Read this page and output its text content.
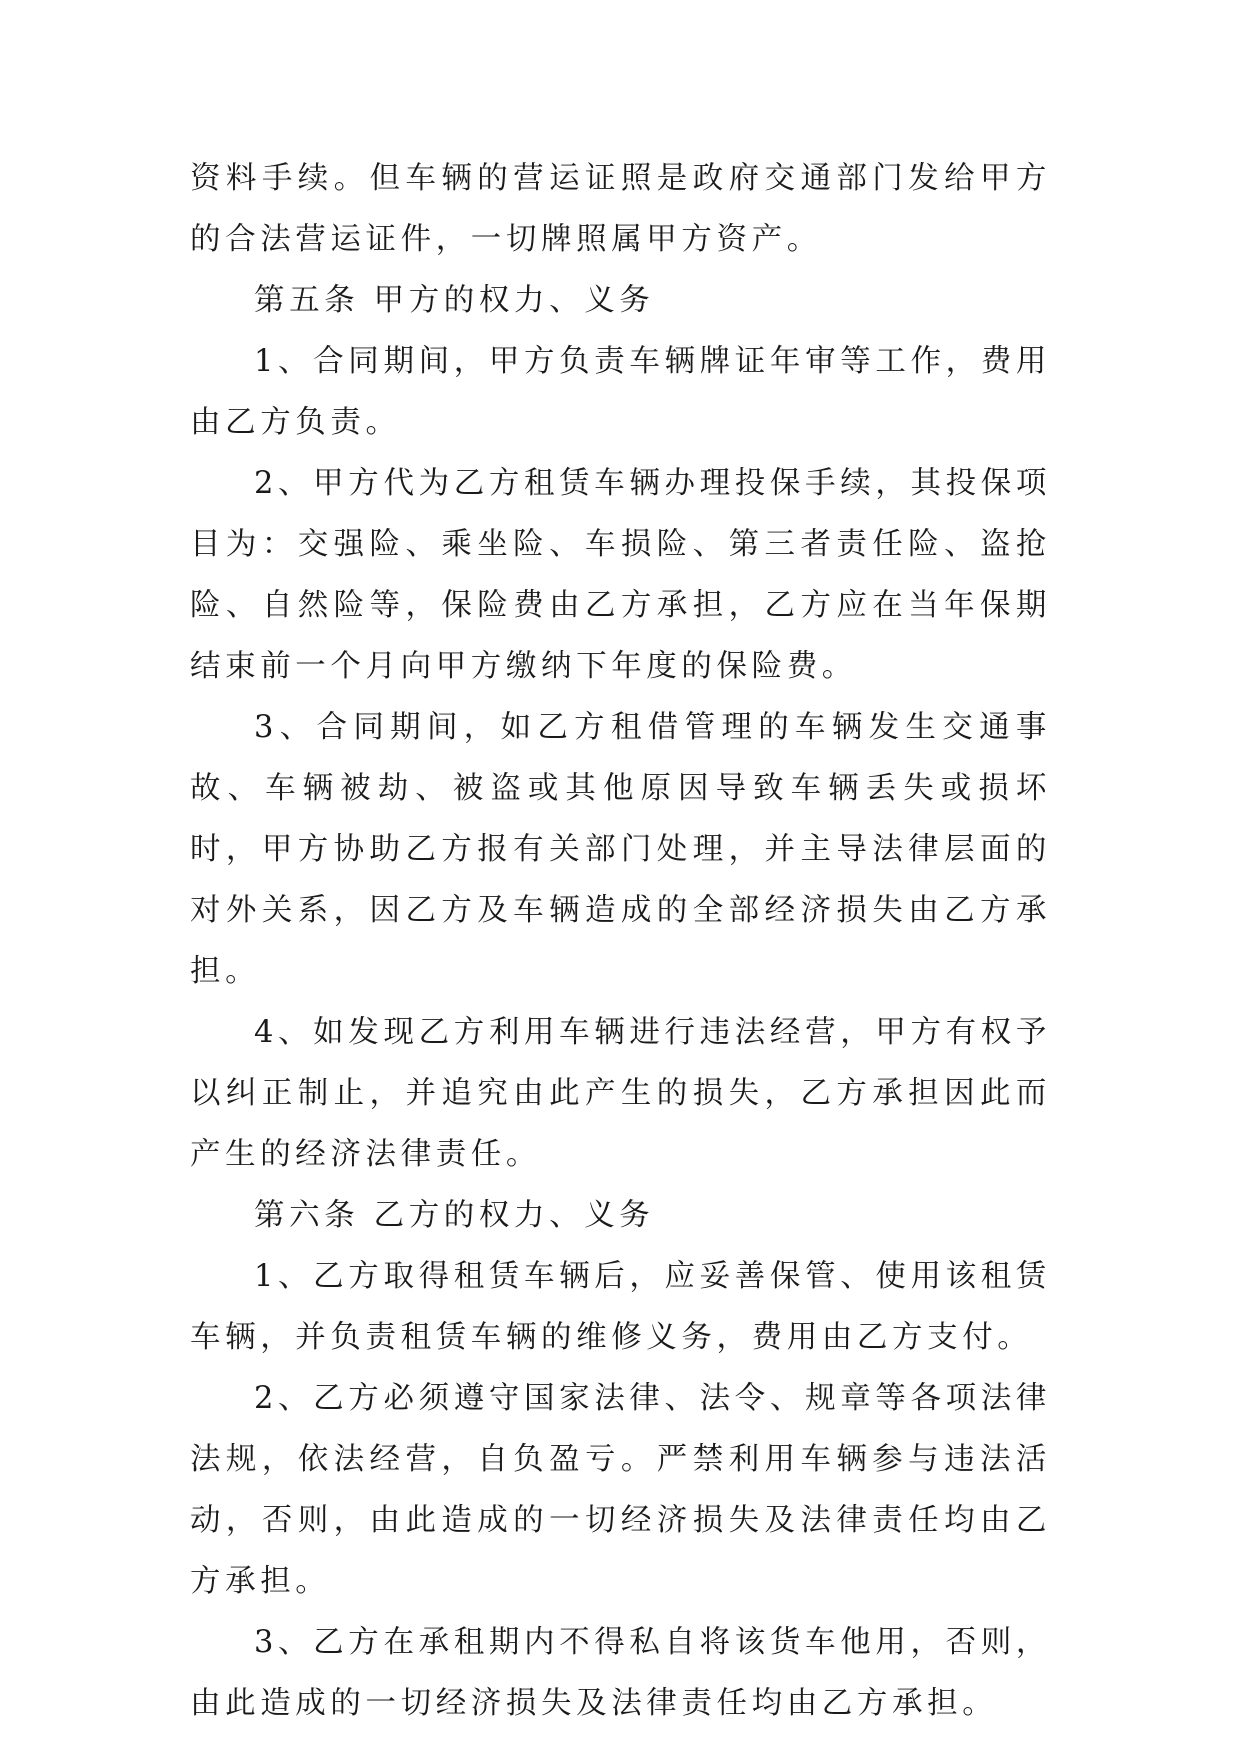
资料手续。但车辆的营运证照是政府交通部门发给甲方的合法营运证件，一切牌照属甲方资产。

第五条 甲方的权力、义务

1、合同期间，甲方负责车辆牌证年审等工作，费用由乙方负责。

2、甲方代为乙方租赁车辆办理投保手续，其投保项目为：交强险、乘坐险、车损险、第三者责任险、盗抢险、自然险等，保险费由乙方承担，乙方应在当年保期结束前一个月向甲方缴纳下年度的保险费。

3、合同期间，如乙方租借管理的车辆发生交通事故、车辆被劫、被盗或其他原因导致车辆丢失或损坏时，甲方协助乙方报有关部门处理，并主导法律层面的对外关系，因乙方及车辆造成的全部经济损失由乙方承担。

4、如发现乙方利用车辆进行违法经营，甲方有权予以纠正制止，并追究由此产生的损失，乙方承担因此而产生的经济法律责任。

第六条 乙方的权力、义务

1、乙方取得租赁车辆后，应妥善保管、使用该租赁车辆，并负责租赁车辆的维修义务，费用由乙方支付。

2、乙方必须遵守国家法律、法令、规章等各项法律法规，依法经营，自负盈亏。严禁利用车辆参与违法活动，否则，由此造成的一切经济损失及法律责任均由乙方承担。

3、乙方在承租期内不得私自将该货车他用，否则，由此造成的一切经济损失及法律责任均由乙方承担。
